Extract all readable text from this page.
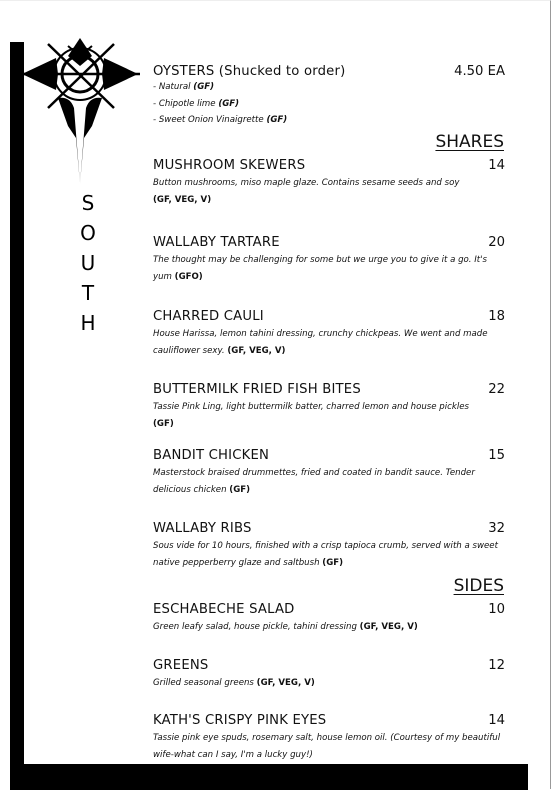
S
O
U
T
H
OYSTERS (Shucked to order)	4.50 EA
- Natural (GF)
- Chipotle lime (GF)
- Sweet Onion Vinaigrette (GF)
SHARES
MUSHROOM SKEWERS	14
Button mushrooms, miso maple glaze. Contains sesame seeds and soy
(GF, VEG, V)
WALLABY TARTARE	20
The thought may be challenging for some but we urge you to give it a go. It's yum (GFO)
CHARRED CAULI	18
House Harissa, lemon tahini dressing, crunchy chickpeas. We went and made cauliflower sexy. (GF, VEG, V)
BUTTERMILK FRIED FISH BITES	22
Tassie Pink Ling, light buttermilk batter, charred lemon and house pickles
(GF)
BANDIT CHICKEN	15
Masterstock braised drummettes, fried and coated in bandit sauce. Tender delicious chicken (GF)
WALLABY RIBS	32
Sous vide for 10 hours, finished with a crisp tapioca crumb, served with a sweet native pepperberry glaze and saltbush (GF)
SIDES
ESCHABECHE SALAD	10
Green leafy salad, house pickle, tahini dressing (GF, VEG, V)
GREENS	12
Grilled seasonal greens (GF, VEG, V)
KATH'S CRISPY PINK EYES	14
Tassie pink eye spuds, rosemary salt, house lemon oil. (Courtesy of my beautiful wife-what can I say, I'm a lucky guy!)
